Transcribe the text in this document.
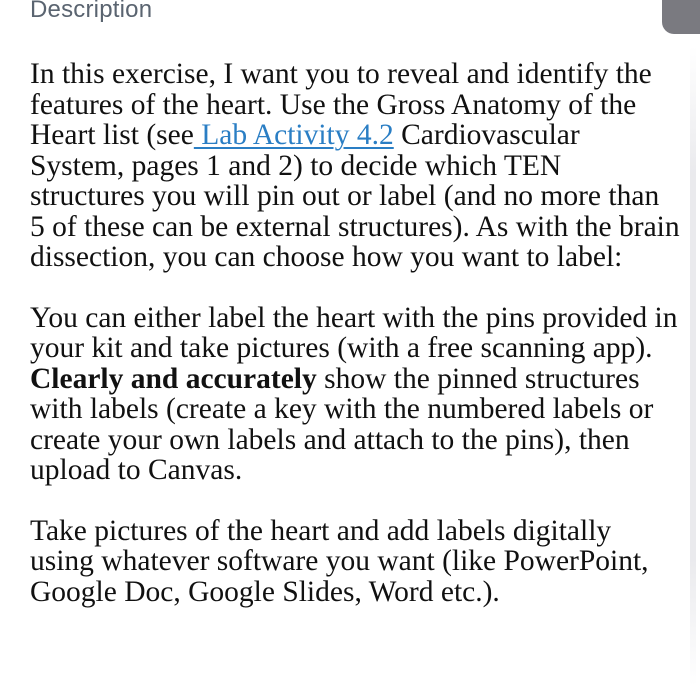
Description

In this exercise, I want you to reveal and identify the features of the heart. Use the Gross Anatomy of the Heart list (see Lab Activity 4.2 Cardiovascular System, pages 1 and 2) to decide which TEN structures you will pin out or label (and no more than 5 of these can be external structures). As with the brain dissection, you can choose how you want to label:

You can either label the heart with the pins provided in your kit and take pictures (with a free scanning app). Clearly and accurately show the pinned structures with labels (create a key with the numbered labels or create your own labels and attach to the pins), then upload to Canvas.

Take pictures of the heart and add labels digitally using whatever software you want (like PowerPoint, Google Doc, Google Slides, Word etc.).
